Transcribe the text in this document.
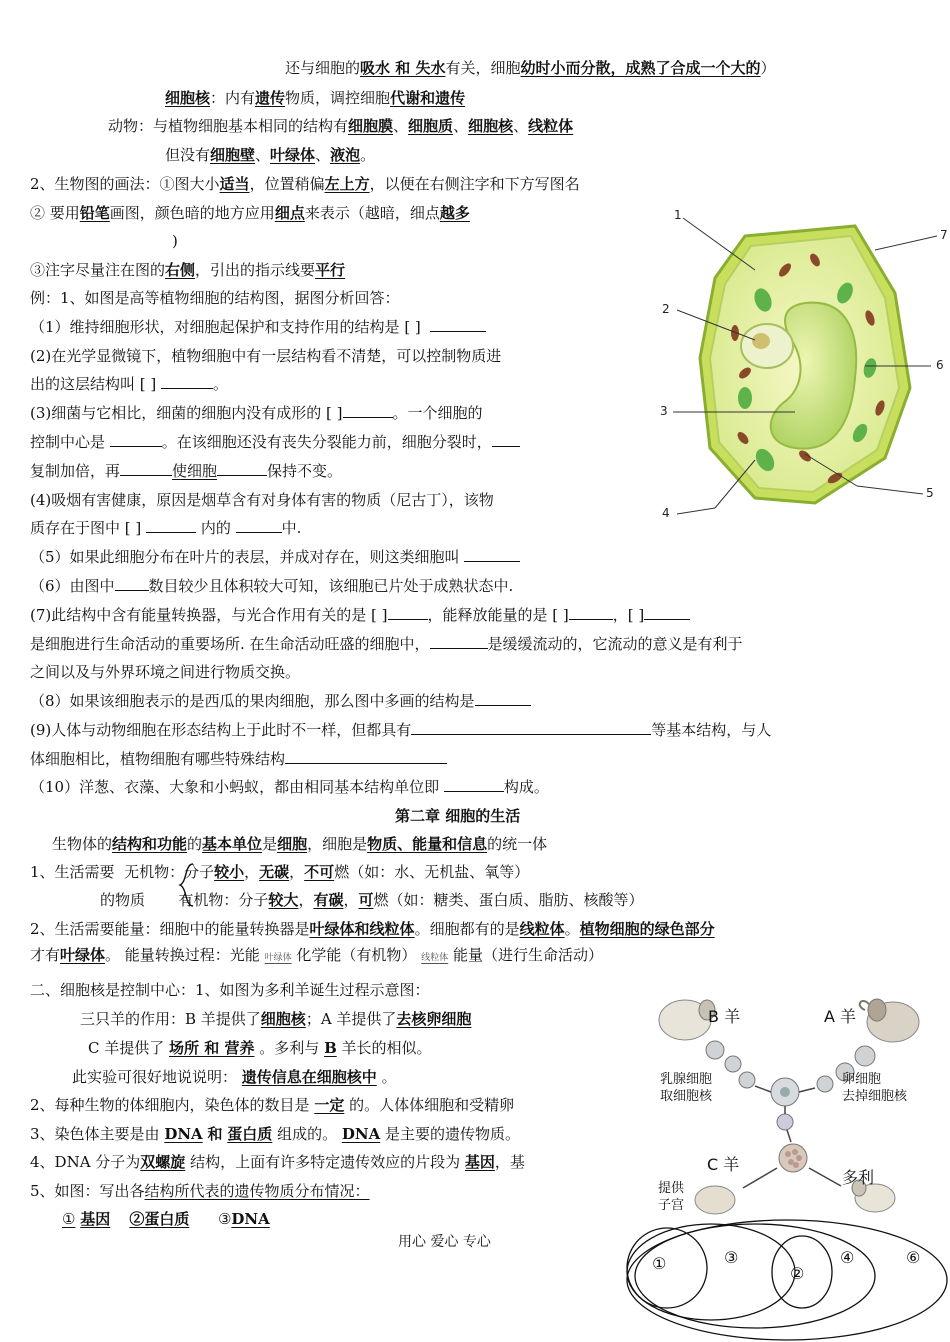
还与细胞的吸水 和 失水有关，细胞幼时小而分散，成熟了合成一个大的）
细胞核：内有遗传物质，调控细胞代谢和遗传
动物：与植物细胞基本相同的结构有细胞膜、细胞质、细胞核、线粒体
但没有细胞壁、叶绿体、液泡。
2、生物图的画法：①图大小适当，位置稍偏左上方，以便在右侧注字和下方写图名
② 要用铅笔画图，颜色暗的地方应用细点来表示（越暗，细点越多
)
③注字尽量注在图的右侧，引出的指示线要平行
例：1、如图是高等植物细胞的结构图，据图分析回答：
（1）维持细胞形状，对细胞起保护和支持作用的结构是 [ ]
(2)在光学显微镜下，植物细胞中有一层结构看不清楚，可以控制物质进
出的这层结构叫 [ ]	。
(3)细菌与它相比，细菌的细胞内没有成形的 [ ]	。一个细胞的
控制中心是	。在该细胞还没有丧失分裂能力前，细胞分裂时，
复制加倍，再	使细胞	保持不变。
(4)吸烟有害健康，原因是烟草含有对身体有害的物质（尼古丁），该物
质存在于图中 [ ]	内的	中.
（5）如果此细胞分布在叶片的表层，并成对存在，则这类细胞叫
（6）由图中 数目较少且体积较大可知，该细胞已片处于成熟状态中.
(7)此结构中含有能量转换器，与光合作用有关的是 [ ]	，能释放能量的是 [ ]	，[ ]
是细胞进行生命活动的重要场所. 在生命活动旺盛的细胞中，	是缓缓流动的，它流动的意义是有利于
之间以及与外界环境之间进行物质交换。
（8）如果该细胞表示的是西瓜的果肉细胞，那么图中多画的结构是
(9)人体与动物细胞在形态结构上于此时不一样，但都具有	等基本结构，与人
体细胞相比，植物细胞有哪些特殊结构
（10）洋葱、衣藻、大象和小蚂蚁，都由相同基本结构单位即	构成。
1
2
3
4
5
6
7
第二章 细胞的生活
生物体的结构和功能的基本单位是细胞，细胞是物质、能量和信息的统一体
1、生活需要 无机物：分子较小，无碳，不可燃（如：水、无机盐、氧等）
的物质 有机物：分子较大，有碳，可燃（如：糖类、蛋白质、脂肪、核酸等）
2、生活需要能量：细胞中的能量转换器是叶绿体和线粒体。细胞都有的是线粒体。植物细胞的绿色部分
才有叶绿体。 能量转换过程：光能 叶绿体 化学能（有机物） 线粒体 能量（进行生命活动）
二、细胞核是控制中心：1、如图为多利羊诞生过程示意图：
三只羊的作用：B 羊提供了细胞核；A 羊提供了去核卵细胞
C 羊提供了 场所 和 营养 。多利与 B 羊长的相似。
此实验可很好地说说明： 遗传信息在细胞核中 。
2、每种生物的体细胞内，染色体的数目是 一定 的。人体体细胞和受精卵
3、染色体主要是由 DNA 和 蛋白质 组成的。 DNA 是主要的遗传物质。
4、DNA 分子为双螺旋 结构，上面有许多特定遗传效应的片段为 基因，基
5、如图：写出各结构所代表的遗传物质分布情况：
① 基因 ②蛋白质 ③DNA
B 羊	A 羊
乳腺细胞
取细胞核
卵细胞
去掉细胞核
C 羊
多利
提供
子宫
①	③
②
④	⑥
用心 爱心 专心
